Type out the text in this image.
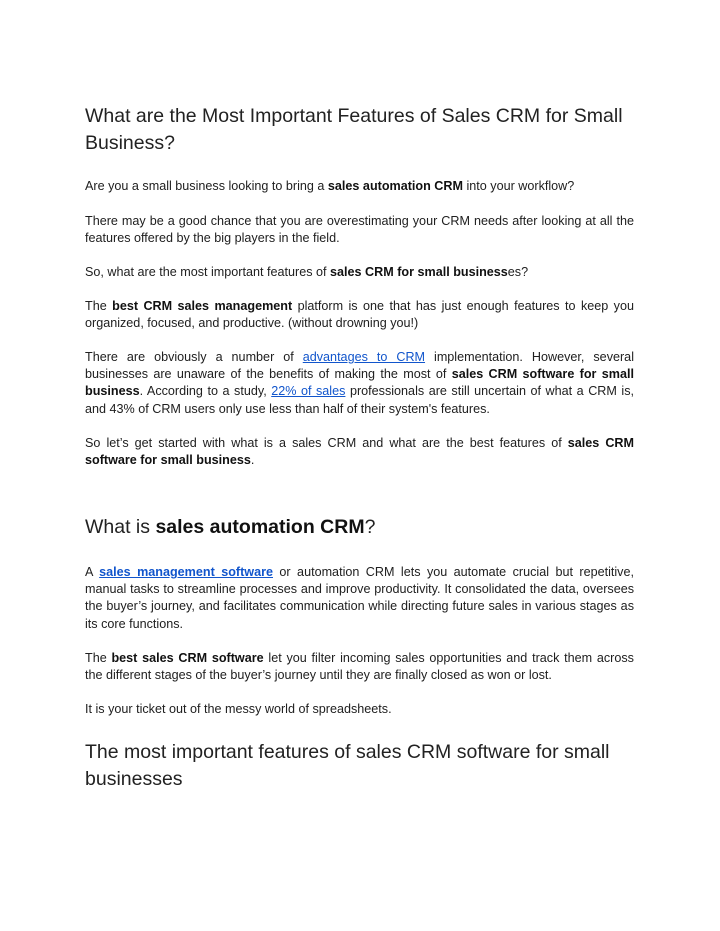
What are the Most Important Features of Sales CRM for Small Business?

Are you a small business looking to bring a sales automation CRM into your workflow?

There may be a good chance that you are overestimating your CRM needs after looking at all the features offered by the big players in the field.

So, what are the most important features of sales CRM for small businesses?

The best CRM sales management platform is one that has just enough features to keep you organized, focused, and productive. (without drowning you!)

There are obviously a number of advantages to CRM implementation. However, several businesses are unaware of the benefits of making the most of sales CRM software for small business. According to a study, 22% of sales professionals are still uncertain of what a CRM is, and 43% of CRM users only use less than half of their system's features.

So let’s get started with what is a sales CRM and what are the best features of sales CRM software for small business.

What is sales automation CRM?

A sales management software or automation CRM lets you automate crucial but repetitive, manual tasks to streamline processes and improve productivity. It consolidated the data, oversees the buyer’s journey, and facilitates communication while directing future sales in various stages as its core functions.

The best sales CRM software let you filter incoming sales opportunities and track them across the different stages of the buyer’s journey until they are finally closed as won or lost.

It is your ticket out of the messy world of spreadsheets.

The most important features of sales CRM software for small businesses
